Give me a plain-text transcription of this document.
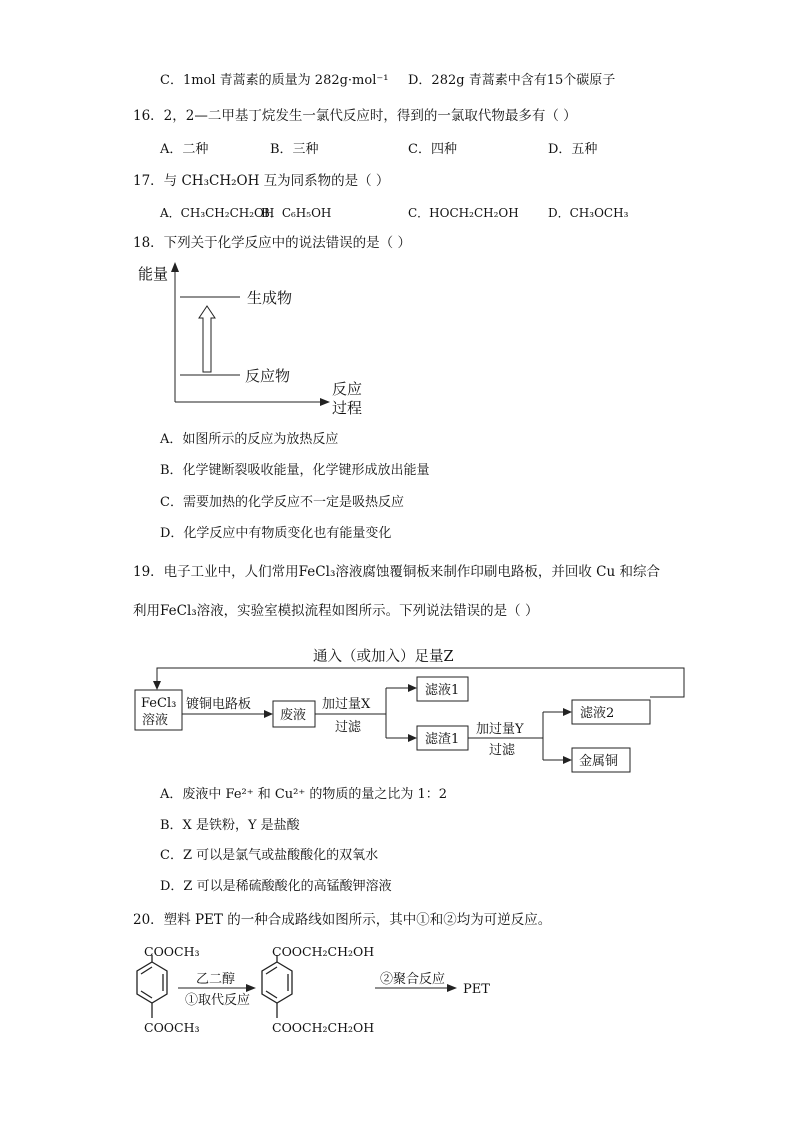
C．1mol 青蒿素的质量为 282g·mol⁻¹ D．282g 青蒿素中含有15个碳原子
16．2，2—二甲基丁烷发生一氯代反应时，得到的一氯取代物最多有（ ）
A．二种	B．三种	C．四种	D．五种
17．与 CH₃CH₂OH 互为同系物的是（ ）
A．CH₃CH₂CH₂OH
B．C₆H₅OH	C．HOCH₂CH₂OH D．CH₃OCH₃
18．下列关于化学反应中的说法错误的是（ ）
能量
生成物
反应物
反应
过程
A．如图所示的反应为放热反应
B．化学键断裂吸收能量，化学键形成放出能量
C．需要加热的化学反应不一定是吸热反应
D．化学反应中有物质变化也有能量变化
19．电子工业中，人们常用FeCl₃溶液腐蚀覆铜板来制作印刷电路板，并回收 Cu 和综合
利用FeCl₃溶液，实验室模拟流程如图所示。下列说法错误的是（ ）
通入（或加入）足量Z
FeCl₃
溶液
镀铜电路板
废液
加过量X
过滤
滤液1
滤渣1
加过量Y
过滤
滤液2
金属铜
A．废液中 Fe²⁺ 和 Cu²⁺ 的物质的量之比为 1：2
B．X 是铁粉，Y 是盐酸
C．Z 可以是氯气或盐酸酸化的双氧水
D．Z 可以是稀硫酸酸化的高锰酸钾溶液
20．塑料 PET 的一种合成路线如图所示，其中①和②均为可逆反应。
COOCH₃
COOCH₃
乙二醇
①取代反应
COOCH₂CH₂OH
COOCH₂CH₂OH
②聚合反应
PET
